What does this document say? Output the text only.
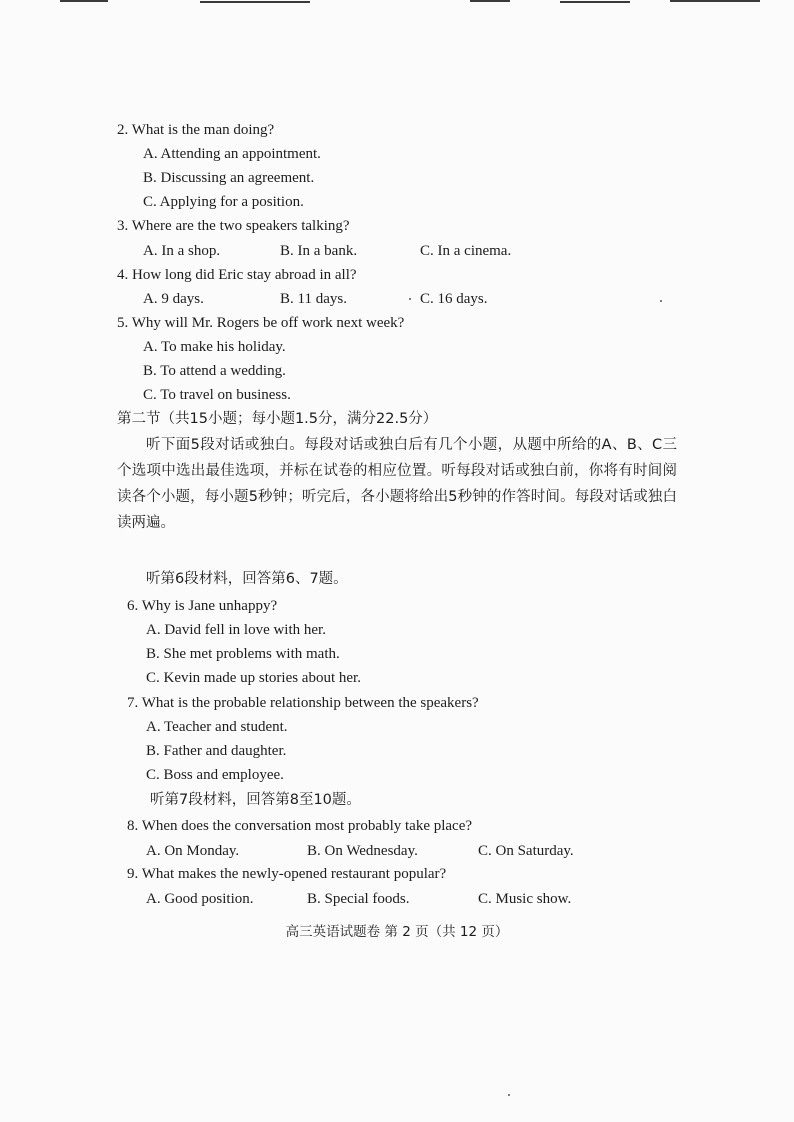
2. What is the man doing?
A. Attending an appointment.
B. Discussing an agreement.
C. Applying for a position.
3. Where are the two speakers talking?
A. In a shop.	B. In a bank.	C. In a cinema.
4. How long did Eric stay abroad in all?
A. 9 days.	B. 11 days.	C. 16 days.
5. Why will Mr. Rogers be off work next week?
A. To make his holiday.
B. To attend a wedding.
C. To travel on business.
第二节（共15小题；每小题1.5分，满分22.5分）
听下面5段对话或独白。每段对话或独白后有几个小题，从题中所给的A、B、C三个选项中选出最佳选项，并标在试卷的相应位置。听每段对话或独白前，你将有时间阅读各个小题，每小题5秒钟；听完后，各小题将给出5秒钟的作答时间。每段对话或独白读两遍。
听第6段材料，回答第6、7题。
6. Why is Jane unhappy?
A. David fell in love with her.
B. She met problems with math.
C. Kevin made up stories about her.
7. What is the probable relationship between the speakers?
A. Teacher and student.
B. Father and daughter.
C. Boss and employee.
听第7段材料，回答第8至10题。
8. When does the conversation most probably take place?
A. On Monday.	B. On Wednesday.	C. On Saturday.
9. What makes the newly-opened restaurant popular?
A. Good position.	B. Special foods.	C. Music show.
高三英语试题卷 第 2 页（共 12 页）
